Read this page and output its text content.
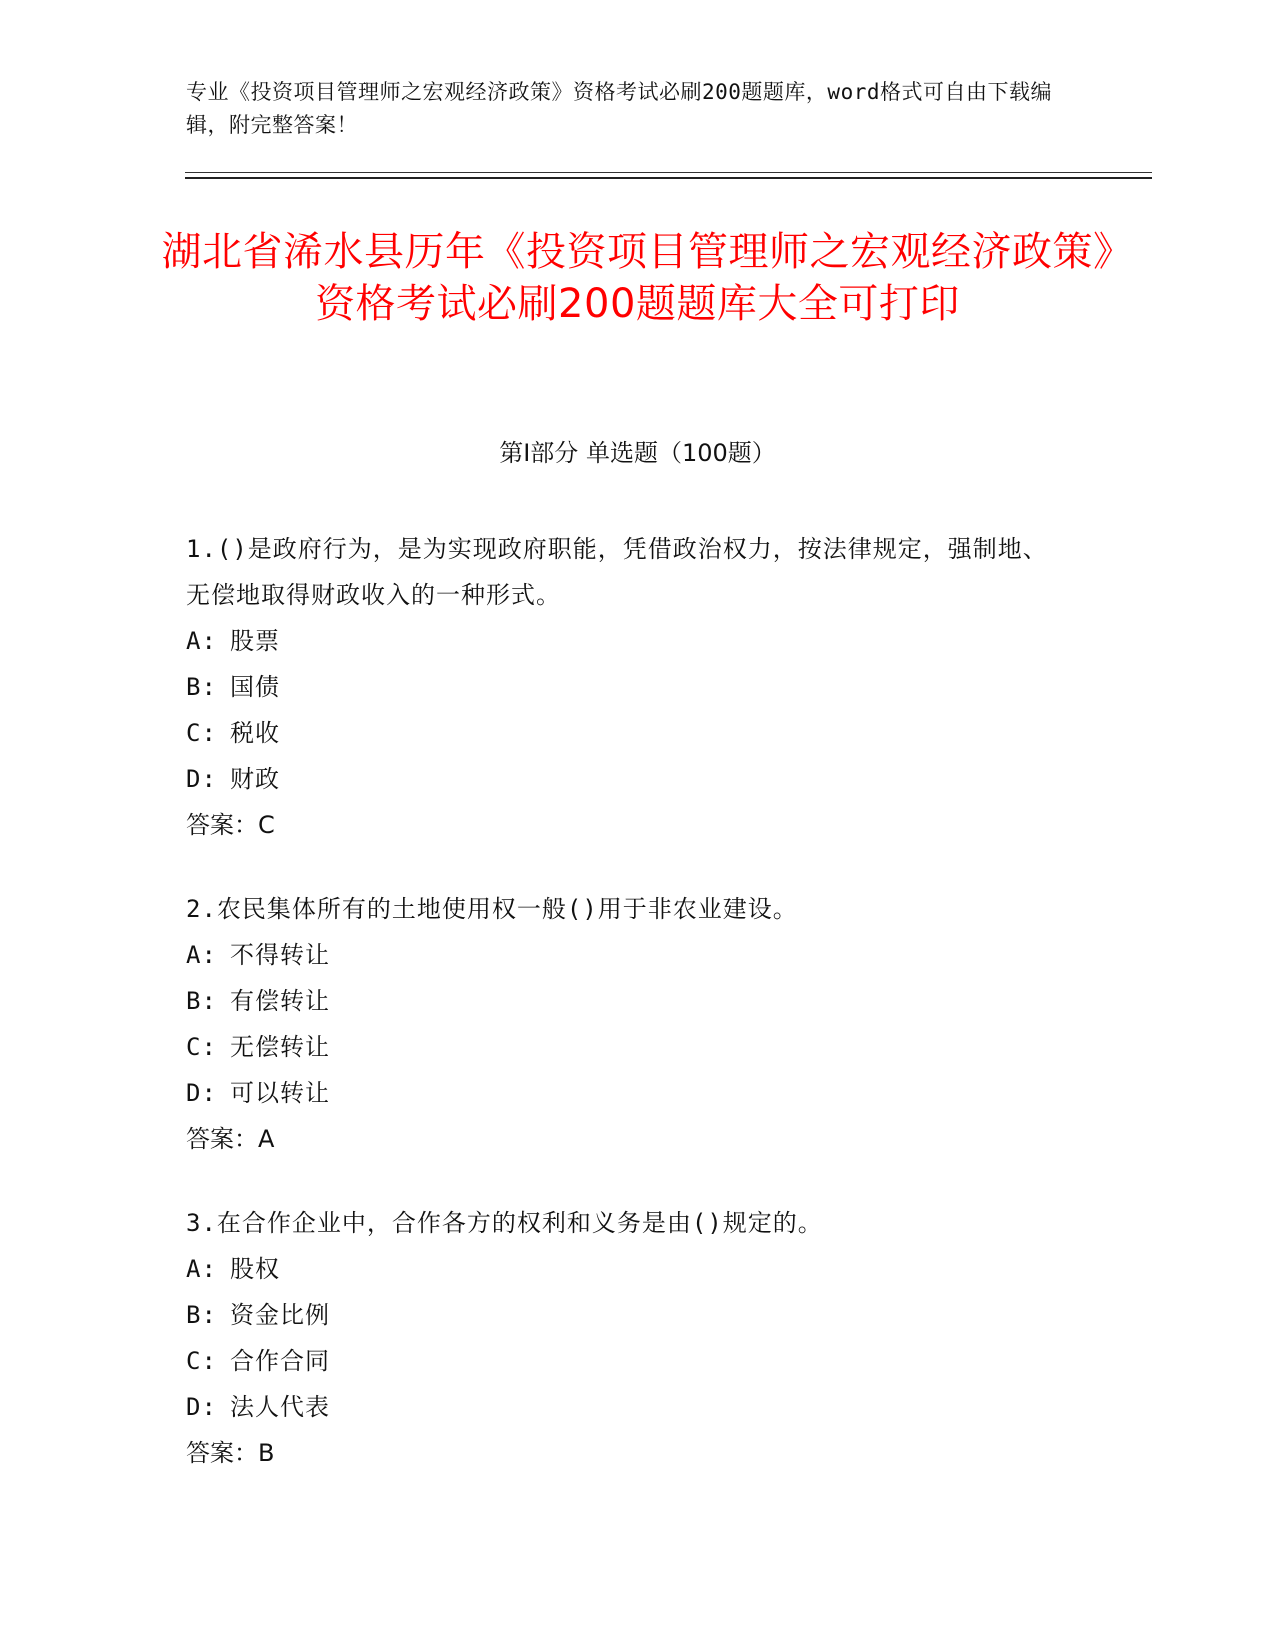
专业《投资项目管理师之宏观经济政策》资格考试必刷200题题库，word格式可自由下载编辑，附完整答案！
湖北省浠水县历年《投资项目管理师之宏观经济政策》资格考试必刷200题题库大全可打印
第Ⅰ部分 单选题（100题）
1.()是政府行为，是为实现政府职能，凭借政治权力，按法律规定，强制地、无偿地取得财政收入的一种形式。
A: 股票
B: 国债
C: 税收
D: 财政
答案：C
2.农民集体所有的土地使用权一般()用于非农业建设。
A: 不得转让
B: 有偿转让
C: 无偿转让
D: 可以转让
答案：A
3.在合作企业中，合作各方的权利和义务是由()规定的。
A: 股权
B: 资金比例
C: 合作合同
D: 法人代表
答案：B
